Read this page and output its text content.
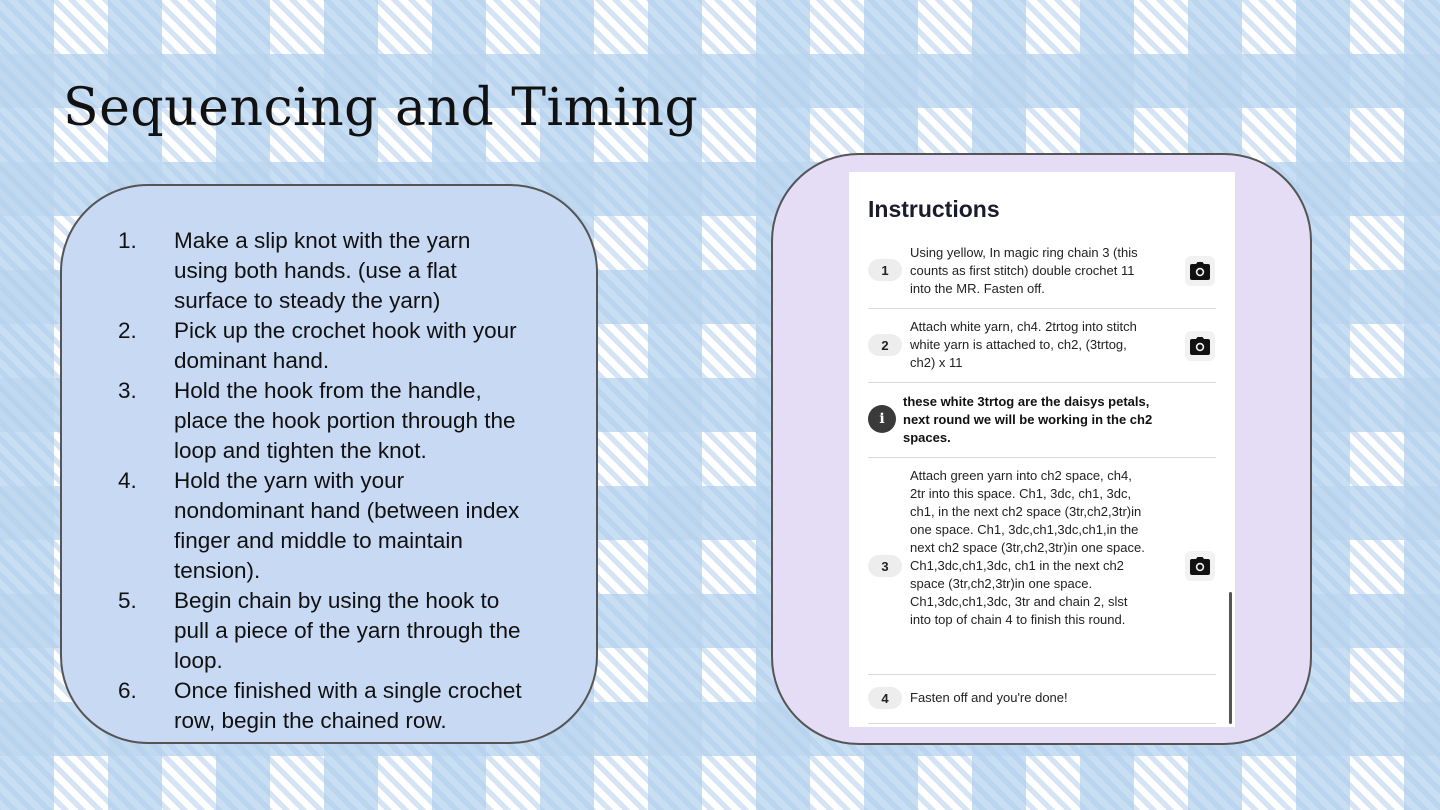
Sequencing and Timing
1.	Make a slip knot with the yarn using both hands. (use a flat surface to steady the yarn)
2.	Pick up the crochet hook with your dominant hand.
3.	Hold the hook from the handle, place the hook portion through the loop and tighten the knot.
4.	Hold the yarn with your nondominant hand (between index finger and middle to maintain tension).
5.	Begin chain by using the hook to pull a piece of the yarn through the loop.
6.	Once finished with a single crochet row, begin the chained row.
Instructions
1
Using yellow, In magic ring chain 3 (this counts as first stitch) double crochet 11 into the MR. Fasten off.
2
Attach white yarn, ch4. 2trtog into stitch white yarn is attached to, ch2, (3trtog, ch2) x 11
i
these white 3trtog are the daisys petals, next round we will be working in the ch2 spaces.
3
Attach green yarn into ch2 space, ch4, 2tr into this space. Ch1, 3dc, ch1, 3dc, ch1, in the next ch2 space (3tr,ch2,3tr)in one space. Ch1, 3dc,ch1,3dc,ch1,in the next ch2 space (3tr,ch2,3tr)in one space. Ch1,3dc,ch1,3dc, ch1 in the next ch2 space (3tr,ch2,3tr)in one space. Ch1,3dc,ch1,3dc, 3tr and chain 2, slst into top of chain 4 to finish this round.
4	Fasten off and you're done!
